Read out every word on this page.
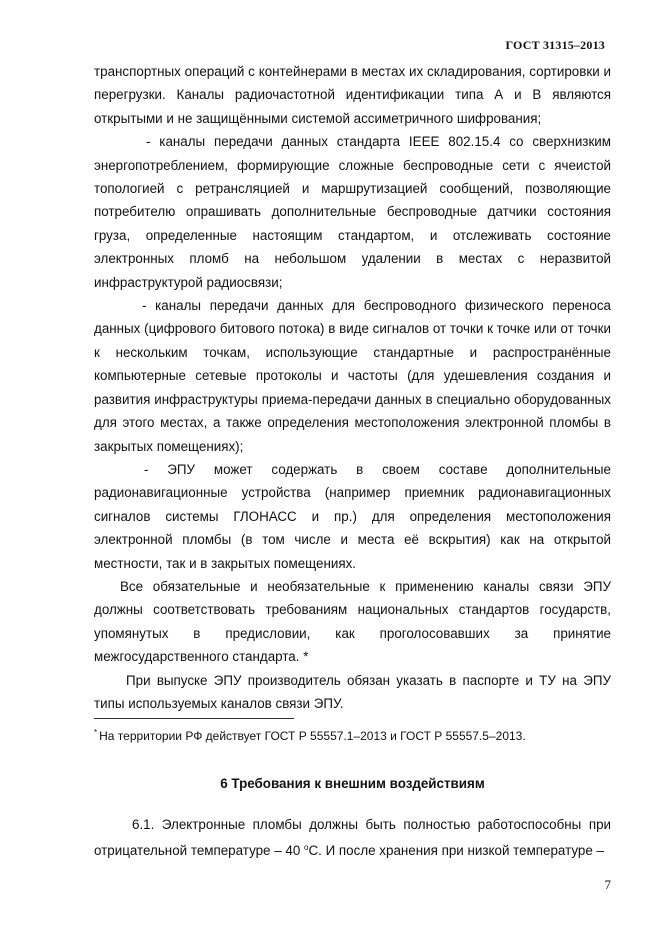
ГОСТ 31315–2013

транспортных операций с контейнерами в местах их складирования, сортировки и перегрузки. Каналы радиочастотной идентификации типа А и В являются открытыми и не защищёнными системой ассиметричного шифрования;

- каналы передачи данных стандарта IEEE 802.15.4 со сверхнизким энергопотреблением, формирующие сложные беспроводные сети с ячеистой топологией с ретрансляцией и маршрутизацией сообщений, позволяющие потребителю опрашивать дополнительные беспроводные датчики состояния груза, определенные настоящим стандартом, и отслеживать состояние электронных пломб на небольшом удалении в местах с неразвитой инфраструктурой радиосвязи;

- каналы передачи данных для беспроводного физического переноса данных (цифрового битового потока) в виде сигналов от точки к точке или от точки к нескольким точкам, использующие стандартные и распространённые компьютерные сетевые протоколы и частоты (для удешевления создания и развития инфраструктуры приема-передачи данных в специально оборудованных для этого местах, а также определения местоположения электронной пломбы в закрытых помещениях);

- ЭПУ может содержать в своем составе дополнительные радионавигационные устройства (например приемник радионавигационных сигналов системы ГЛОНАСС и пр.) для определения местоположения электронной пломбы (в том числе и места её вскрытия) как на открытой местности, так и в закрытых помещениях.

Все обязательные и необязательные к применению каналы связи ЭПУ должны соответствовать требованиям национальных стандартов государств, упомянутых в предисловии, как проголосовавших за принятие межгосударственного стандарта. *

При выпуске ЭПУ производитель обязан указать в паспорте и ТУ на ЭПУ типы используемых каналов связи ЭПУ.

* На территории РФ действует ГОСТ Р 55557.1–2013 и ГОСТ Р 55557.5–2013.
6 Требования к внешним воздействиям

6.1. Электронные пломбы должны быть полностью работоспособны при отрицательной температуре – 40 $^о$С. И после хранения при низкой температуре –

7
